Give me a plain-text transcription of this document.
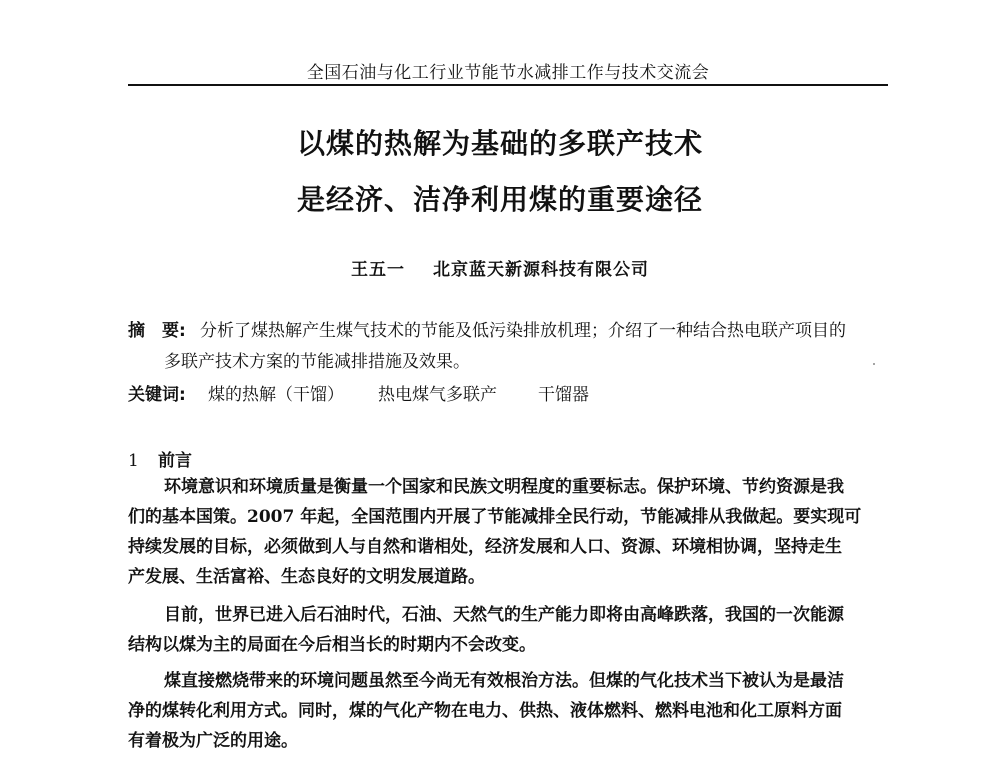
全国石油与化工行业节能节水减排工作与技术交流会
以煤的热解为基础的多联产技术
是经济、洁净利用煤的重要途径
王五一 北京蓝天新源科技有限公司
摘　要: 分析了煤热解产生煤气技术的节能及低污染排放机理；介绍了一种结合热电联产项目的
多联产技术方案的节能减排措施及效果。
关键词: 煤的热解（干馏） 热电煤气多联产 干馏器
1 前言
环境意识和环境质量是衡量一个国家和民族文明程度的重要标志。保护环境、节约资源是我
们的基本国策。2007 年起，全国范围内开展了节能减排全民行动，节能减排从我做起。要实现可
持续发展的目标，必须做到人与自然和谐相处，经济发展和人口、资源、环境相协调，坚持走生
产发展、生活富裕、生态良好的文明发展道路。
目前，世界已进入后石油时代，石油、天然气的生产能力即将由高峰跌落，我国的一次能源
结构以煤为主的局面在今后相当长的时期内不会改变。
煤直接燃烧带来的环境问题虽然至今尚无有效根治方法。但煤的气化技术当下被认为是最洁
净的煤转化利用方式。同时，煤的气化产物在电力、供热、液体燃料、燃料电池和化工原料方面
有着极为广泛的用途。
